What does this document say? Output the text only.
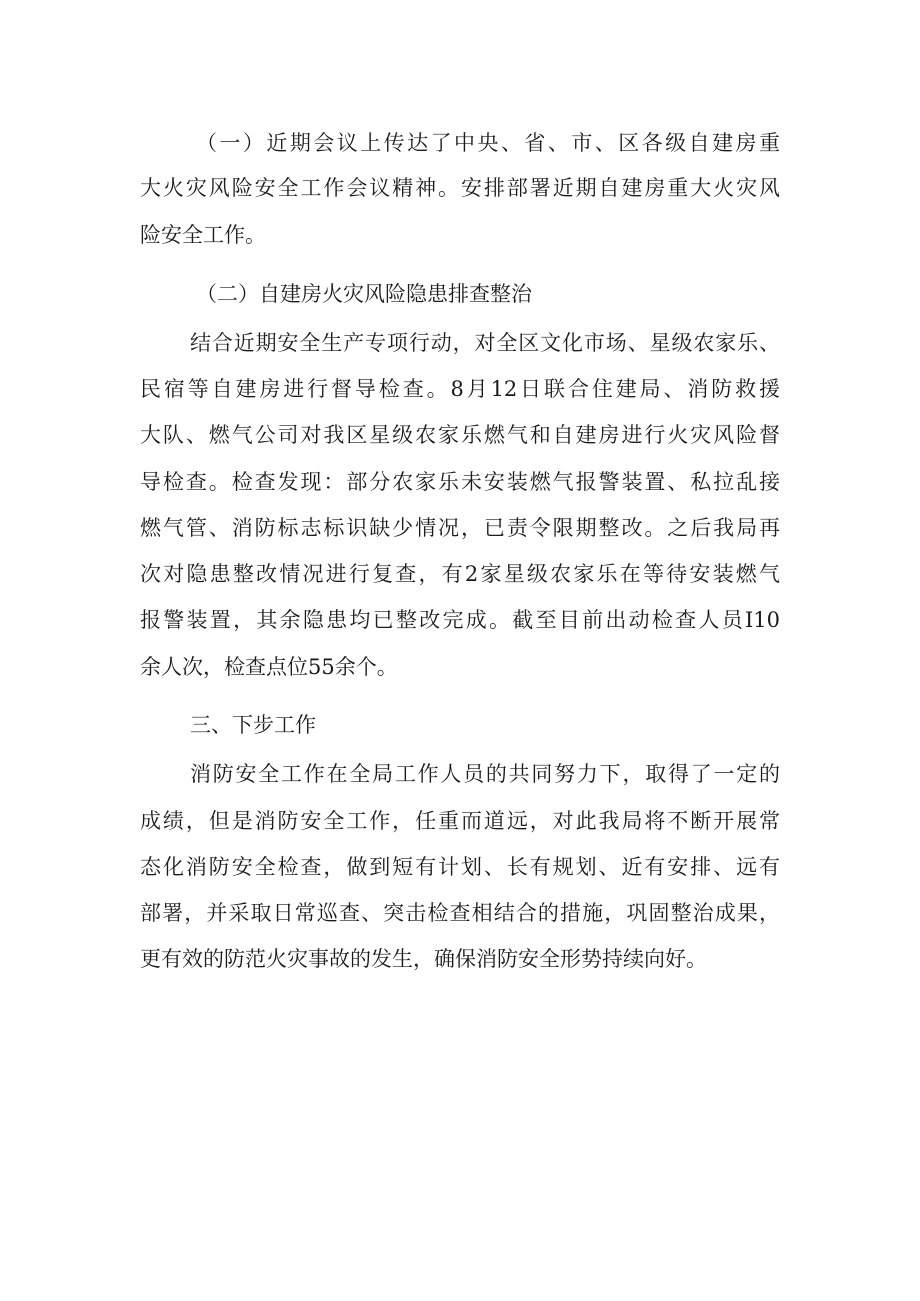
（一）近期会议上传达了中央、省、市、区各级自建房重
大火灾风险安全工作会议精神。安排部署近期自建房重大火灾风
险安全工作。
（二）自建房火灾风险隐患排查整治
结合近期安全生产专项行动，对全区文化市场、星级农家乐、
民宿等自建房进行督导检查。8月12日联合住建局、消防救援
大队、燃气公司对我区星级农家乐燃气和自建房进行火灾风险督
导检查。检查发现：部分农家乐未安装燃气报警装置、私拉乱接
燃气管、消防标志标识缺少情况，已责令限期整改。之后我局再
次对隐患整改情况进行复查，有2家星级农家乐在等待安装燃气
报警装置，其余隐患均已整改完成。截至目前出动检查人员I10
余人次，检查点位55余个。
三、下步工作
消防安全工作在全局工作人员的共同努力下，取得了一定的
成绩，但是消防安全工作，任重而道远，对此我局将不断开展常
态化消防安全检查，做到短有计划、长有规划、近有安排、远有
部署，并采取日常巡查、突击检查相结合的措施，巩固整治成果，
更有效的防范火灾事故的发生，确保消防安全形势持续向好。
